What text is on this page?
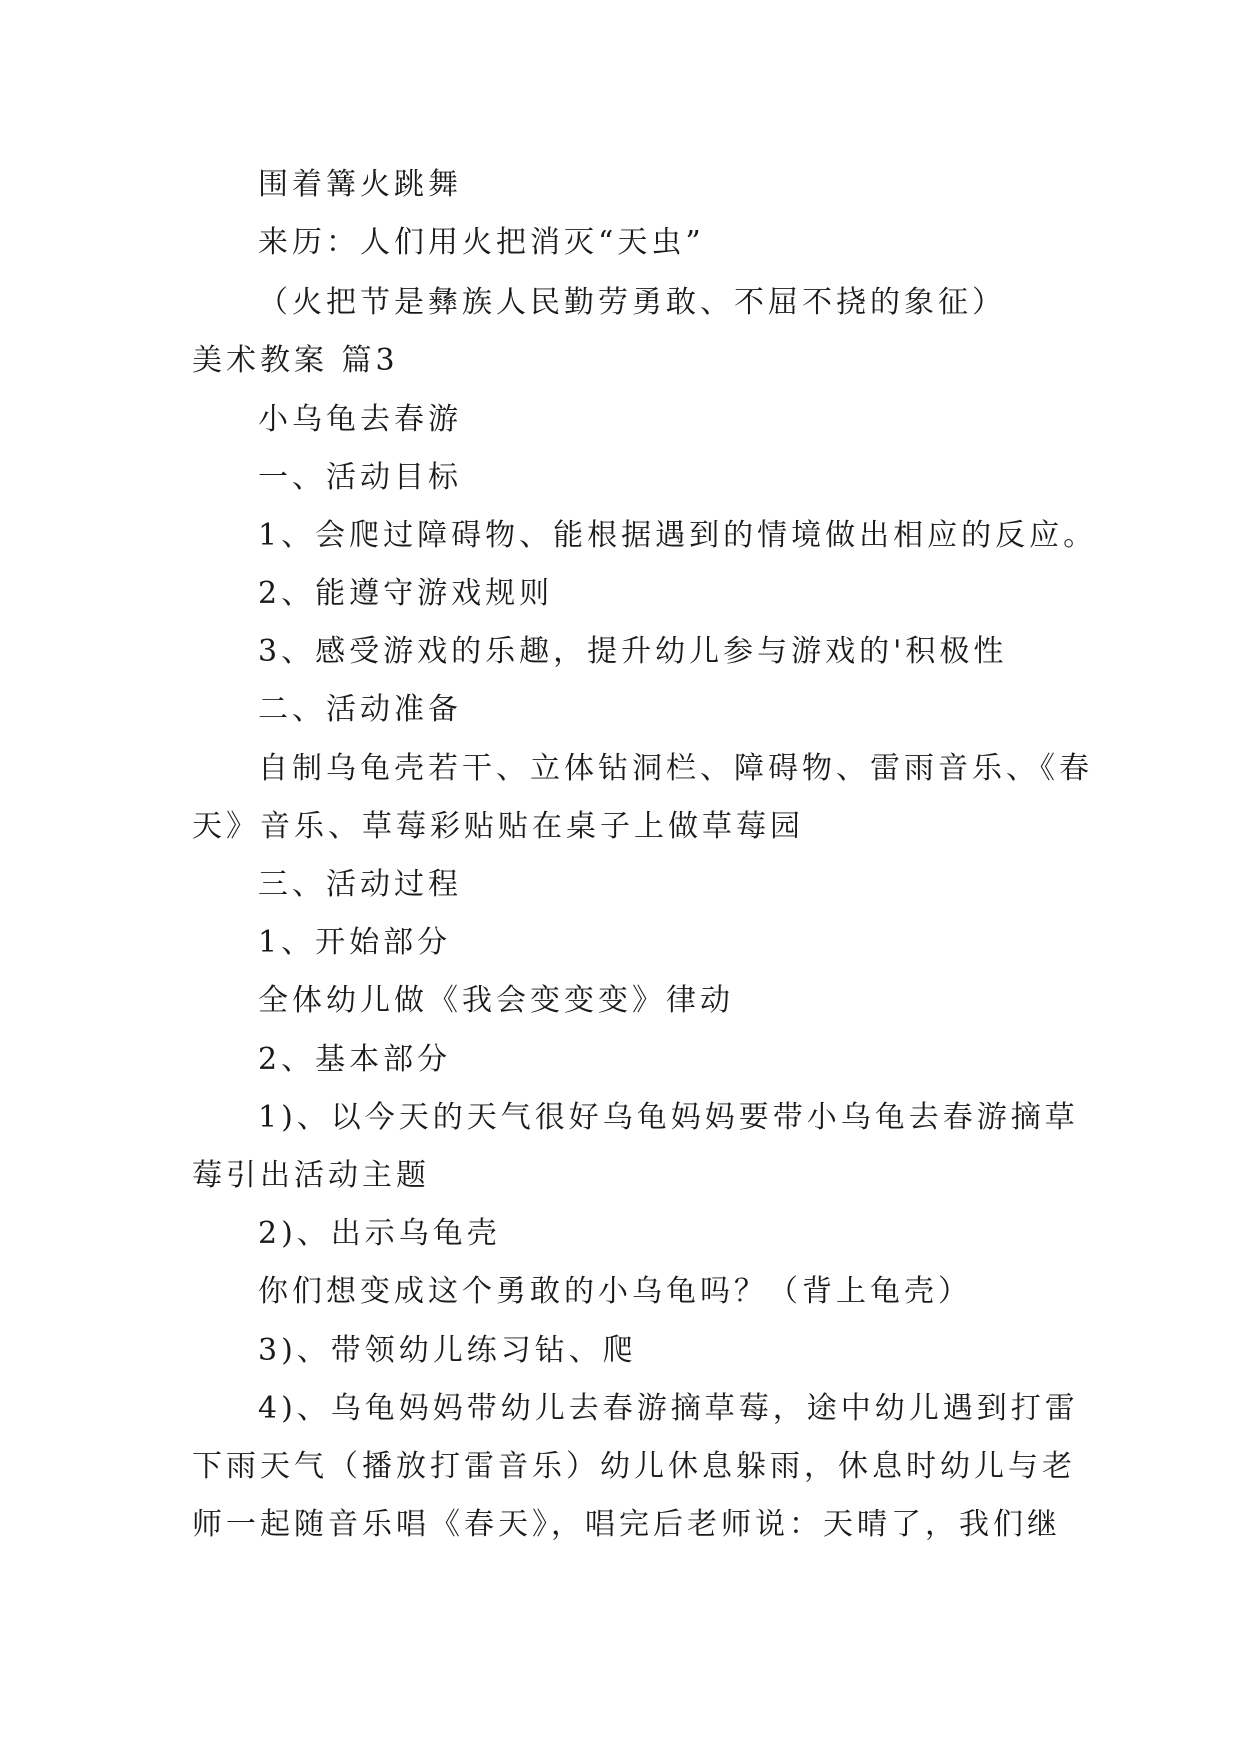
围着篝火跳舞
来历：人们用火把消灭“天虫”
（火把节是彝族人民勤劳勇敢、不屈不挠的象征）
美术教案 篇3
小乌龟去春游
一、活动目标
1、会爬过障碍物、能根据遇到的情境做出相应的反应。
2、能遵守游戏规则
3、感受游戏的乐趣，提升幼儿参与游戏的'积极性
二、活动准备
自制乌龟壳若干、立体钻洞栏、障碍物、雷雨音乐、《春
天》音乐、草莓彩贴贴在桌子上做草莓园
三、活动过程
1、开始部分
全体幼儿做《我会变变变》律动
2、基本部分
1)、以今天的天气很好乌龟妈妈要带小乌龟去春游摘草
莓引出活动主题
2)、出示乌龟壳
你们想变成这个勇敢的小乌龟吗？（背上龟壳）
3)、带领幼儿练习钻、爬
4)、乌龟妈妈带幼儿去春游摘草莓，途中幼儿遇到打雷
下雨天气（播放打雷音乐）幼儿休息躲雨，休息时幼儿与老
师一起随音乐唱《春天》，唱完后老师说：天晴了，我们继
